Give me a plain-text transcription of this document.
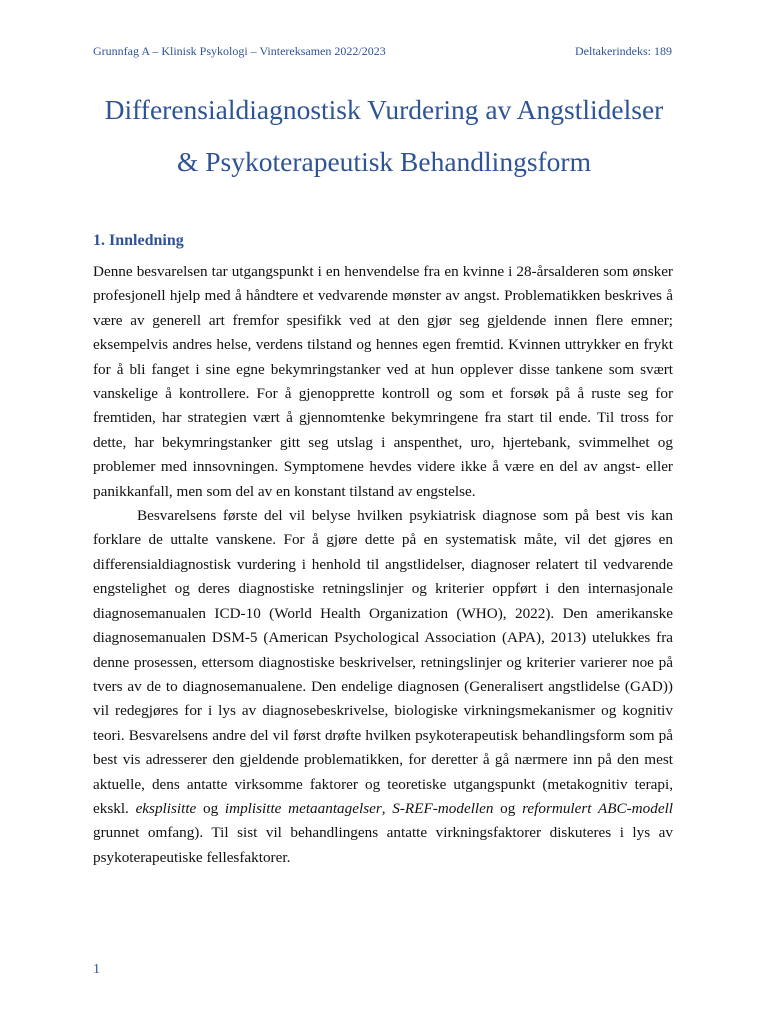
Grunnfag A – Klinisk Psykologi – Vintereksamen 2022/2023	Deltakerindeks: 189
Differensialdiagnostisk Vurdering av Angstlidelser
& Psykoterapeutisk Behandlingsform
1. Innledning

Denne besvarelsen tar utgangspunkt i en henvendelse fra en kvinne i 28-årsalderen som ønsker profesjonell hjelp med å håndtere et vedvarende mønster av angst. Problematikken beskrives å være av generell art fremfor spesifikk ved at den gjør seg gjeldende innen flere emner; eksempelvis andres helse, verdens tilstand og hennes egen fremtid. Kvinnen uttrykker en frykt for å bli fanget i sine egne bekymringstanker ved at hun opplever disse tankene som svært vanskelige å kontrollere. For å gjenopprette kontroll og som et forsøk på å ruste seg for fremtiden, har strategien vært å gjennomtenke bekymringene fra start til ende. Til tross for dette, har bekymringstanker gitt seg utslag i anspenthet, uro, hjertebank, svimmelhet og problemer med innsovningen. Symptomene hevdes videre ikke å være en del av angst- eller panikkanfall, men som del av en konstant tilstand av engstelse.

Besvarelsens første del vil belyse hvilken psykiatrisk diagnose som på best vis kan forklare de uttalte vanskene. For å gjøre dette på en systematisk måte, vil det gjøres en differensialdiagnostisk vurdering i henhold til angstlidelser, diagnoser relatert til vedvarende engstelighet og deres diagnostiske retningslinjer og kriterier oppført i den internasjonale diagnosemanualen ICD-10 (World Health Organization (WHO), 2022). Den amerikanske diagnosemanualen DSM-5 (American Psychological Association (APA), 2013) utelukkes fra denne prosessen, ettersom diagnostiske beskrivelser, retningslinjer og kriterier varierer noe på tvers av de to diagnosemanualene. Den endelige diagnosen (Generalisert angstlidelse (GAD)) vil redegjøres for i lys av diagnosebeskrivelse, biologiske virkningsmekanismer og kognitiv teori. Besvarelsens andre del vil først drøfte hvilken psykoterapeutisk behandlingsform som på best vis adresserer den gjeldende problematikken, for deretter å gå nærmere inn på den mest aktuelle, dens antatte virksomme faktorer og teoretiske utgangspunkt (metakognitiv terapi, ekskl. eksplisitte og implisitte metaantagelser, S-REF-modellen og reformulert ABC-modell grunnet omfang). Til sist vil behandlingens antatte virkningsfaktorer diskuteres i lys av psykoterapeutiske fellesfaktorer.

1
